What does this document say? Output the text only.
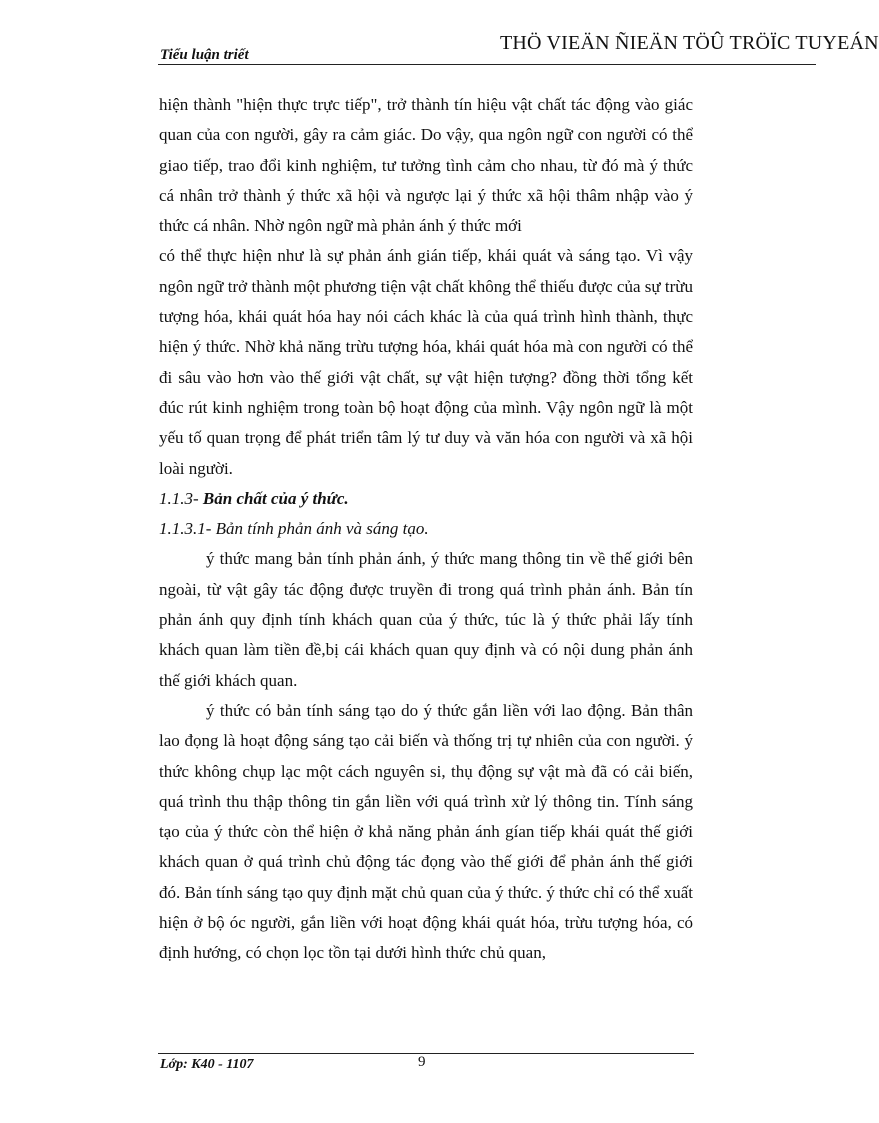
Tiểu luận triết
THÖ VIEÄN ÑIEÄN TÖÛ TRÖÏC TUYEÁN

hiện thành "hiện thực trực tiếp", trở thành tín hiệu vật chất tác động vào giác quan của con người, gây ra cảm giác. Do vậy, qua ngôn ngữ con người có thể giao tiếp, trao đổi kinh nghiệm, tư tưởng tình cảm cho nhau, từ đó mà ý thức cá nhân trở thành ý thức xã hội và ngược lại ý thức xã hội thâm nhập vào ý thức cá nhân. Nhờ ngôn ngữ mà phản ánh ý thức mới

có thể thực hiện như là sự phản ánh gián tiếp, khái quát và sáng tạo. Vì vậy ngôn ngữ trở thành một phương tiện vật chất không thể thiếu được của sự trừu tượng hóa, khái quát hóa hay nói cách khác là của quá trình hình thành, thực hiện ý thức. Nhờ khả năng trừu tượng hóa, khái quát hóa mà con người có thể đi sâu vào hơn vào thế giới vật chất, sự vật hiện tượng? đồng thời tổng kết đúc rút kinh nghiệm trong toàn bộ hoạt động của mình. Vậy ngôn ngữ là một yếu tố quan trọng để phát triển tâm lý tư duy và văn hóa con người và xã hội loài người.

1.1.3- Bản chất của ý thức.

1.1.3.1- Bản tính phản ánh và sáng tạo.

ý thức mang bản tính phản ánh, ý thức mang thông tin về thế giới bên ngoài, từ vật gây tác động được truyền đi trong quá trình phản ánh. Bản tín phản ánh quy định tính khách quan của ý thức, túc là ý thức phải lấy tính khách quan làm tiền đề,bị cái khách quan quy định và có nội dung phản ánh thế giới khách quan.

ý thức có bản tính sáng tạo do ý thức gắn liền với lao động. Bản thân lao đọng là hoạt động sáng tạo cải biến và thống trị tự nhiên của con người. ý thức không chụp lạc một cách nguyên si, thụ động sự vật mà đã có cải biến, quá trình thu thập thông tin gắn liền với quá trình xử lý thông tin. Tính sáng tạo của ý thức còn thể hiện ở khả năng phản ánh gían tiếp khái quát thế giới khách quan ở quá trình chủ động tác đọng vào thế giới để phản ánh thế giới đó. Bản tính sáng tạo quy định mặt chủ quan của ý thức. ý thức chỉ có thể xuất hiện ở bộ óc người, gắn liền với hoạt động khái quát hóa, trừu tượng hóa, có định hướng, có chọn lọc tồn tại dưới hình thức chủ quan,

Lớp: K40 - 1107	9
